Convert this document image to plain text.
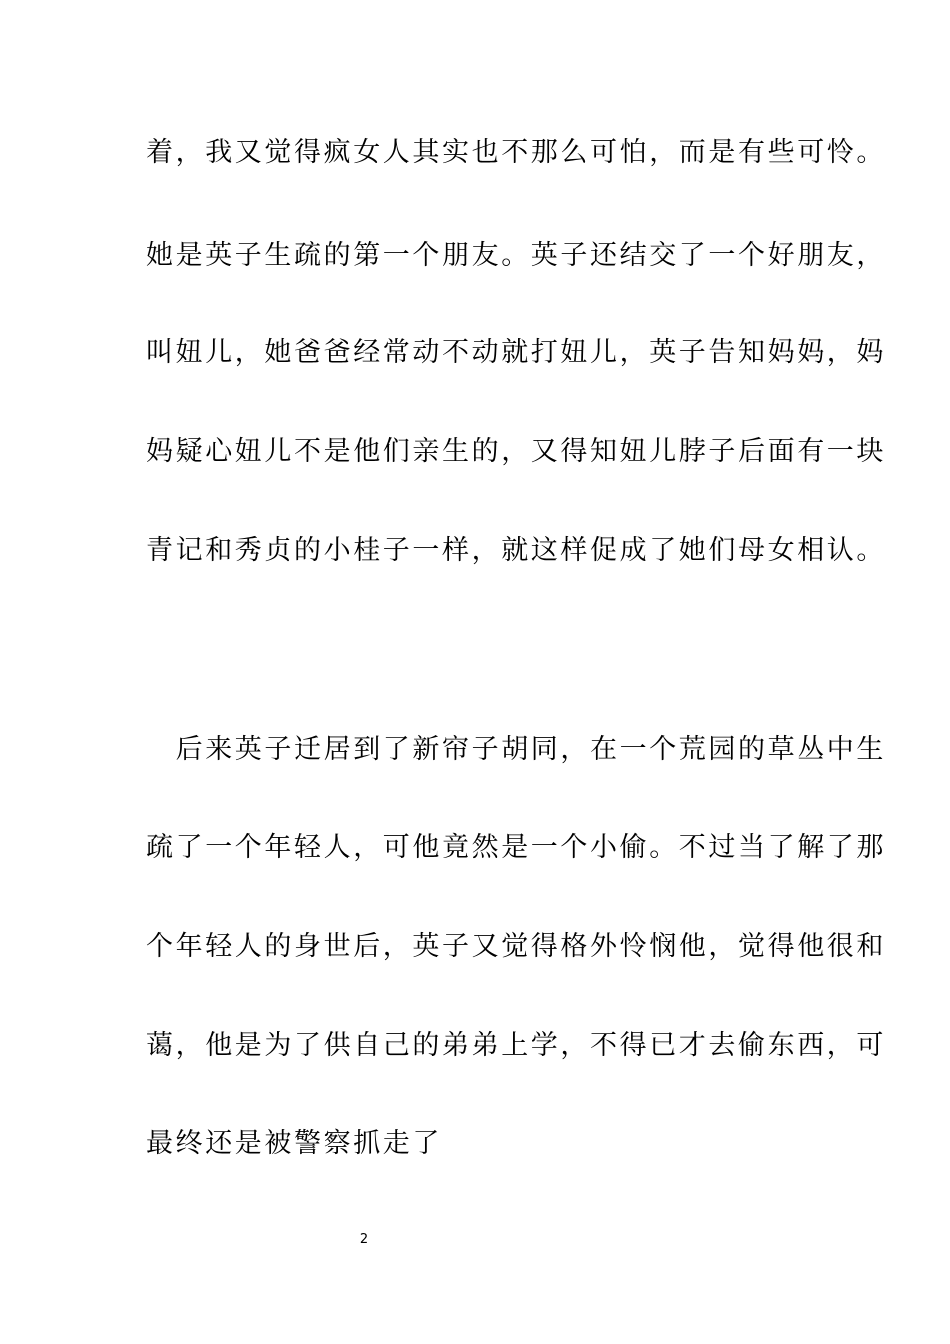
着，我又觉得疯女人其实也不那么可怕，而是有些可怜。
她是英子生疏的第一个朋友。英子还结交了一个好朋友，
叫妞儿，她爸爸经常动不动就打妞儿，英子告知妈妈，妈
妈疑心妞儿不是他们亲生的，又得知妞儿脖子后面有一块
青记和秀贞的小桂子一样，就这样促成了她们母女相认。
　后来英子迁居到了新帘子胡同，在一个荒园的草丛中生
疏了一个年轻人，可他竟然是一个小偷。不过当了解了那
个年轻人的身世后，英子又觉得格外怜悯他，觉得他很和
蔼，他是为了供自己的弟弟上学，不得已才去偷东西，可
最终还是被警察抓走了
2
